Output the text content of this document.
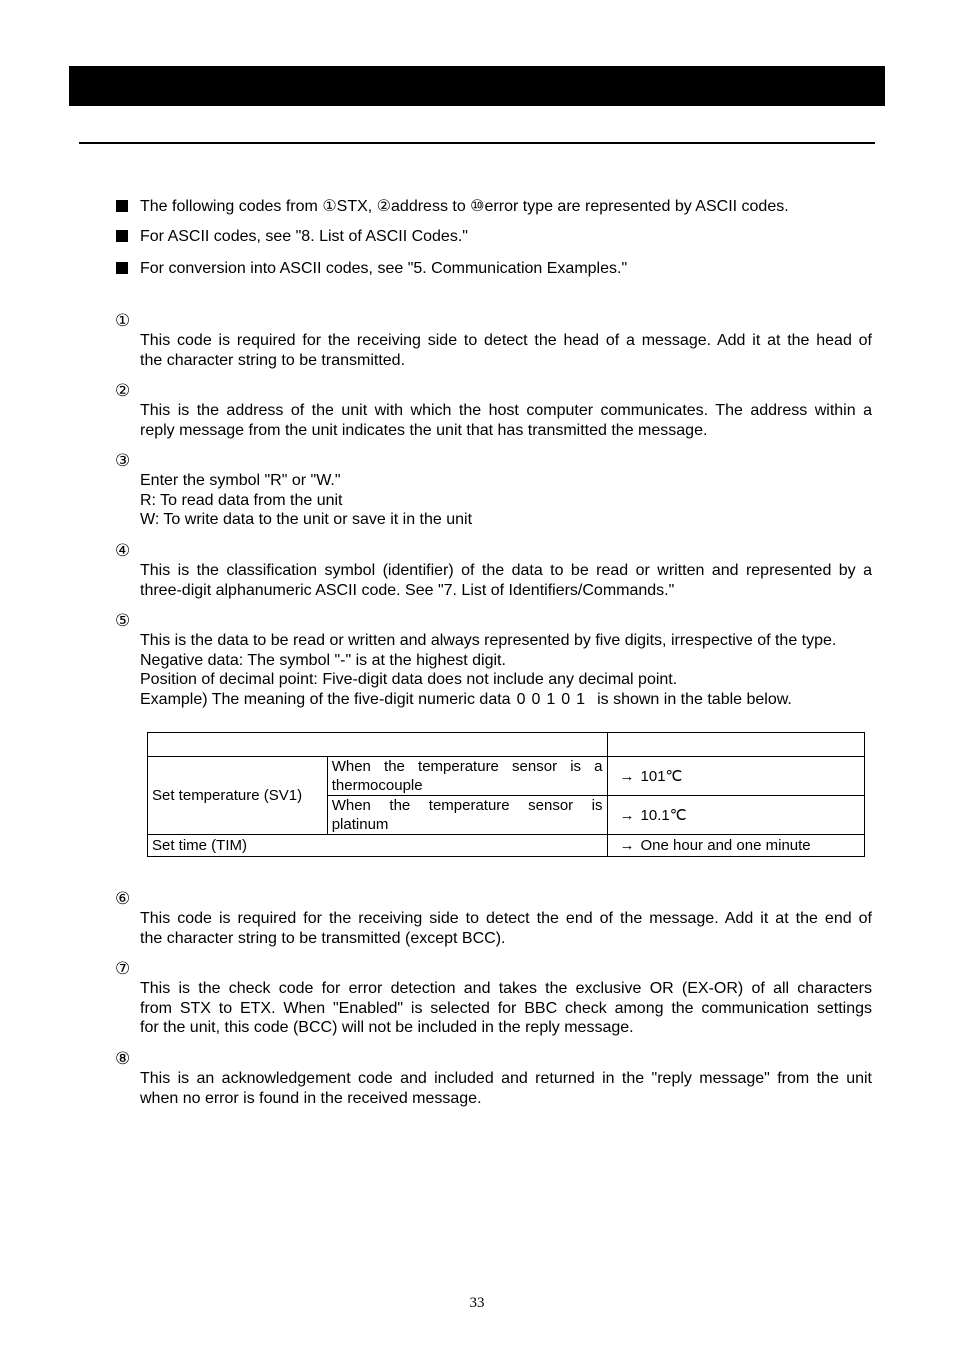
The following codes from ①STX, ②address to ⑩error type are represented by ASCII codes.
For ASCII codes, see "8. List of ASCII Codes."
For conversion into ASCII codes, see "5. Communication Examples."
①
This code is required for the receiving side to detect the head of a message. Add it at the head of
the character string to be transmitted.
②
This is the address of the unit with which the host computer communicates. The address within a
reply message from the unit indicates the unit that has transmitted the message.
③
Enter the symbol "R" or "W."
R: To read data from the unit
W: To write data to the unit or save it in the unit
④
This is the classification symbol (identifier) of the data to be read or written and represented by a
three-digit alphanumeric ASCII code. See "7. List of Identifiers/Commands."
⑤
This is the data to be read or written and always represented by five digits, irrespective of the type.
Negative data: The symbol "-" is at the highest digit.
Position of decimal point: Five-digit data does not include any decimal point.
Example) The meaning of the five-digit numeric data 00101 is shown in the table below.

Set temperature (SV1)	When the temperature sensor is a
thermocouple	→ 101℃

	When the temperature sensor is
platinum	→ 10.1℃
Set time (TIM)		→ One hour and one minute
⑥
This code is required for the receiving side to detect the end of the message. Add it at the end of
the character string to be transmitted (except BCC).
⑦
This is the check code for error detection and takes the exclusive OR (EX-OR) of all characters
from STX to ETX. When "Enabled" is selected for BBC check among the communication settings
for the unit, this code (BCC) will not be included in the reply message.
⑧
This is an acknowledgement code and included and returned in the "reply message" from the unit
when no error is found in the received message.
33
